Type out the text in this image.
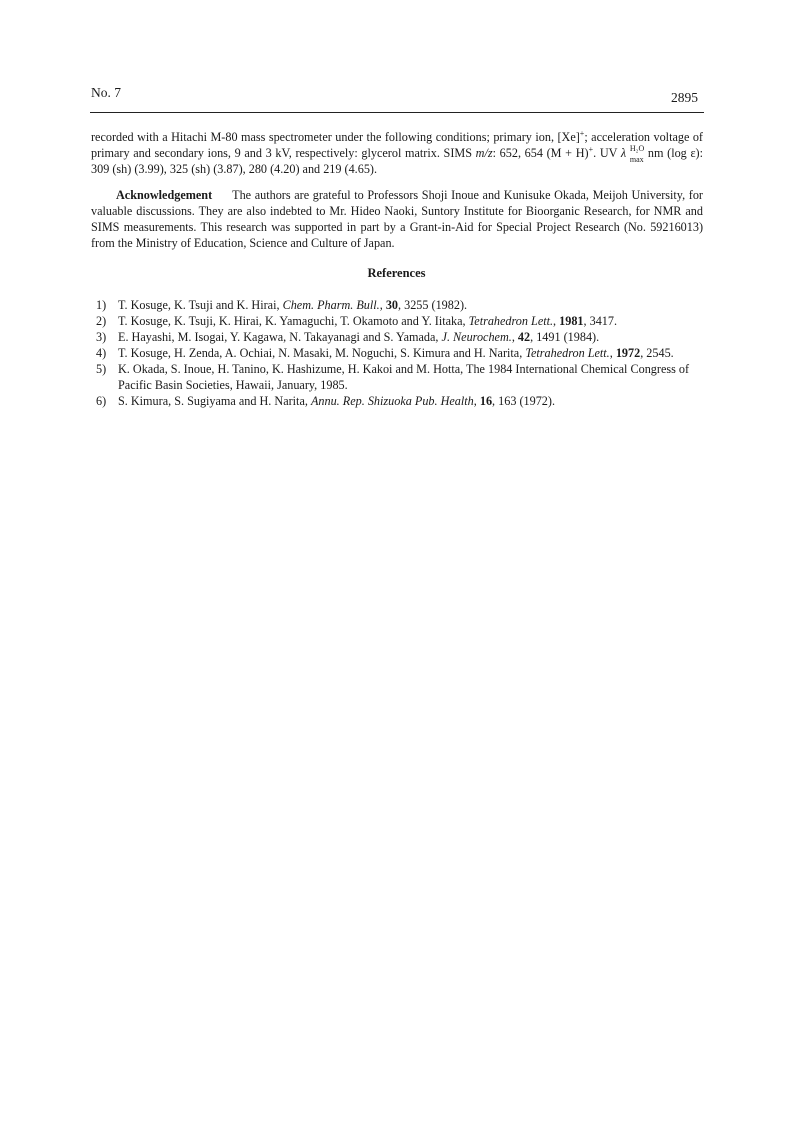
No. 7	2895
recorded with a Hitachi M-80 mass spectrometer under the following conditions; primary ion, [Xe]+; acceleration voltage of primary and secondary ions, 9 and 3 kV, respectively: glycerol matrix. SIMS m/z: 652, 654 (M + H)+. UV λ H₂O
max nm (log ε): 309 (sh) (3.99), 325 (sh) (3.87), 280 (4.20) and 219 (4.65).
Acknowledgement The authors are grateful to Professors Shoji Inoue and Kunisuke Okada, Meijoh University, for valuable discussions. They are also indebted to Mr. Hideo Naoki, Suntory Institute for Bioorganic Research, for NMR and SIMS measurements. This research was supported in part by a Grant-in-Aid for Special Project Research (No. 59216013) from the Ministry of Education, Science and Culture of Japan.
References
1) T. Kosuge, K. Tsuji and K. Hirai, Chem. Pharm. Bull., 30, 3255 (1982).
2) T. Kosuge, K. Tsuji, K. Hirai, K. Yamaguchi, T. Okamoto and Y. Iitaka, Tetrahedron Lett., 1981, 3417.
3) E. Hayashi, M. Isogai, Y. Kagawa, N. Takayanagi and S. Yamada, J. Neurochem., 42, 1491 (1984).
4) T. Kosuge, H. Zenda, A. Ochiai, N. Masaki, M. Noguchi, S. Kimura and H. Narita, Tetrahedron Lett., 1972, 2545.
5) K. Okada, S. Inoue, H. Tanino, K. Hashizume, H. Kakoi and M. Hotta, The 1984 International Chemical Congress of Pacific Basin Societies, Hawaii, January, 1985.
6) S. Kimura, S. Sugiyama and H. Narita, Annu. Rep. Shizuoka Pub. Health, 16, 163 (1972).
